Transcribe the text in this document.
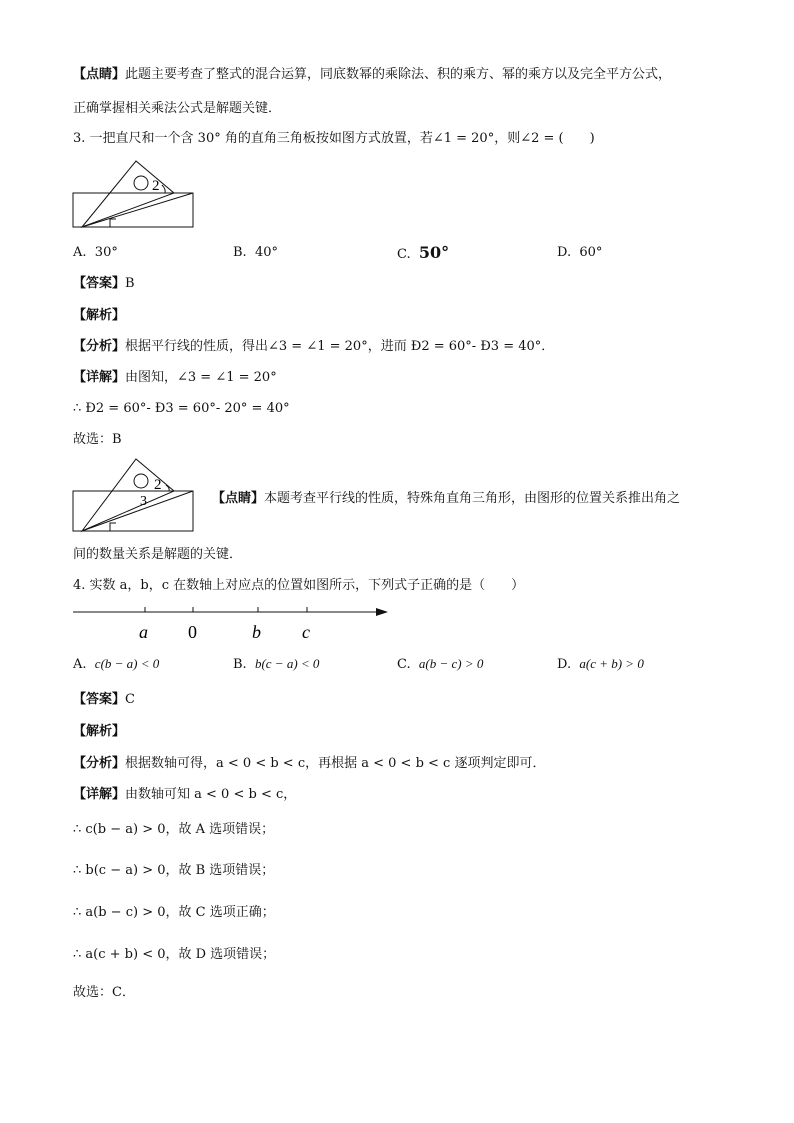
【点睛】此题主要考查了整式的混合运算，同底数幂的乘除法、积的乘方、幂的乘方以及完全平方公式，
正确掌握相关乘法公式是解题关键．
3. 一把直尺和一个含 30° 角的直角三角板按如图方式放置，若∠1 = 20°，则∠2 = (　　)
2
A. 30°	B. 40°	C. 50°	D. 60°
【答案】B
【解析】
【分析】根据平行线的性质，得出∠3 = ∠1 = 20°，进而 Ð2 = 60°- Ð3 = 40°．
【详解】由图知，∠3 = ∠1 = 20°
∴ Ð2 = 60°- Ð3 = 60°- 20° = 40°
故选：B
2
3	【点睛】本题考查平行线的性质，特殊角直角三角形，由图形的位置关系推出角之
间的数量关系是解题的关键．
4. 实数 a，b，c 在数轴上对应点的位置如图所示，下列式子正确的是（　　）
a 0	b c
A. c(b − a) < 0	B. b(c − a) < 0	C. a(b − c) > 0	D. a(c + b) > 0
【答案】C
【解析】
【分析】根据数轴可得，a < 0 < b < c，再根据 a < 0 < b < c 逐项判定即可．
【详解】由数轴可知 a < 0 < b < c，
∴ c(b − a) > 0，故 A 选项错误；
∴ b(c − a) > 0，故 B 选项错误；
∴ a(b − c) > 0，故 C 选项正确；
∴ a(c + b) < 0，故 D 选项错误；
故选：C．
